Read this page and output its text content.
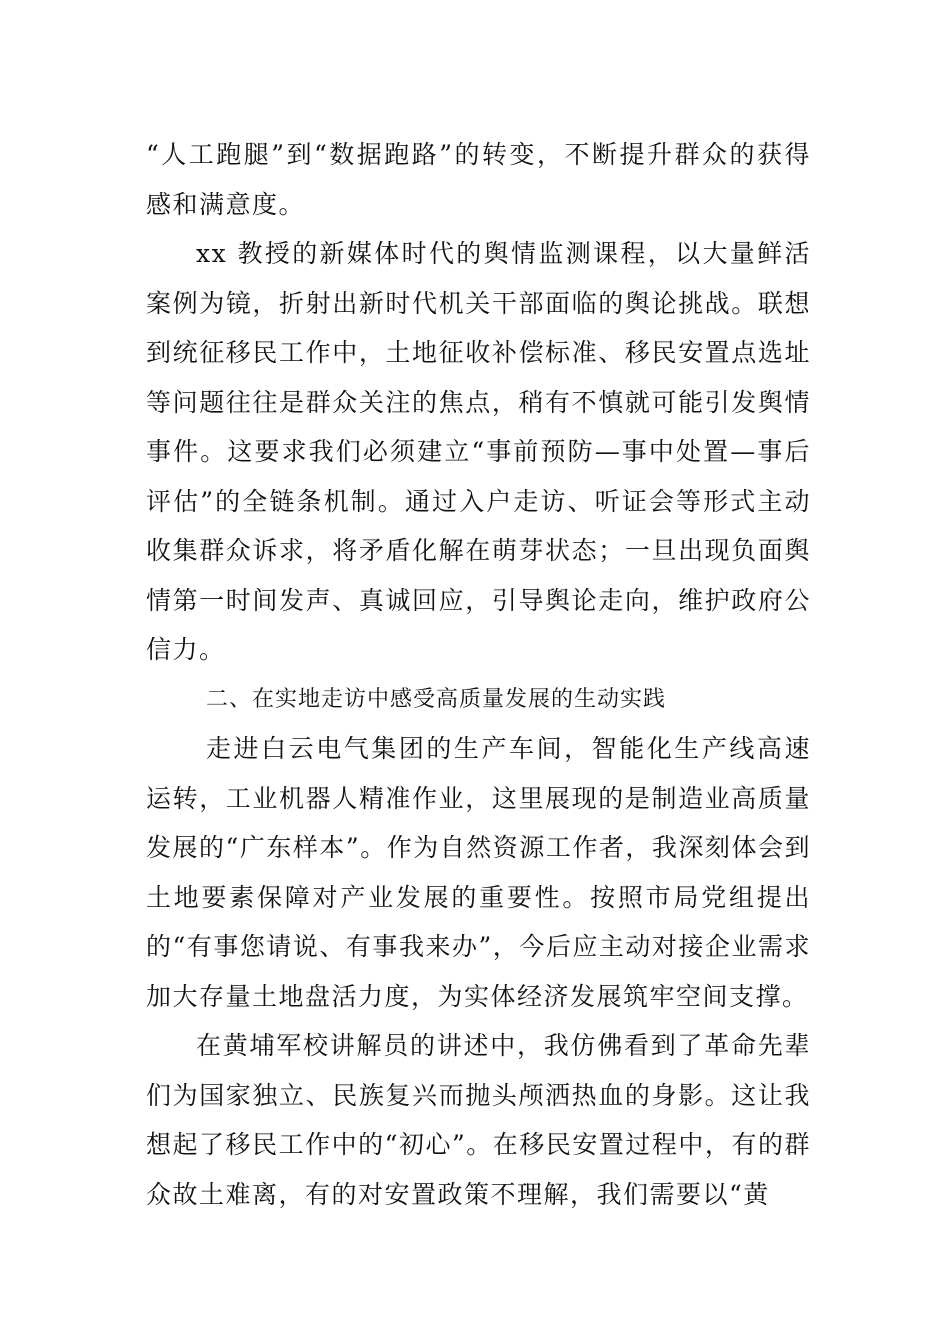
“人工跑腿”到“数据跑路”的转变，不断提升群众的获得感和满意度。

xx 教授的新媒体时代的舆情监测课程，以大量鲜活案例为镜，折射出新时代机关干部面临的舆论挑战。联想到统征移民工作中，土地征收补偿标准、移民安置点选址等问题往往是群众关注的焦点，稍有不慎就可能引发舆情事件。这要求我们必须建立“事前预防—事中处置—事后评估”的全链条机制。通过入户走访、听证会等形式主动收集群众诉求，将矛盾化解在萌芽状态；一旦出现负面舆情第一时间发声、真诚回应，引导舆论走向，维护政府公信力。

二、在实地走访中感受高质量发展的生动实践

走进白云电气集团的生产车间，智能化生产线高速运转，工业机器人精准作业，这里展现的是制造业高质量发展的“广东样本”。作为自然资源工作者，我深刻体会到土地要素保障对产业发展的重要性。按照市局党组提出的“有事您请说、有事我来办”，今后应主动对接企业需求加大存量土地盘活力度，为实体经济发展筑牢空间支撑。

在黄埔军校讲解员的讲述中，我仿佛看到了革命先辈们为国家独立、民族复兴而抛头颅洒热血的身影。这让我想起了移民工作中的“初心”。在移民安置过程中，有的群众故土难离，有的对安置政策不理解，我们需要以“黄
